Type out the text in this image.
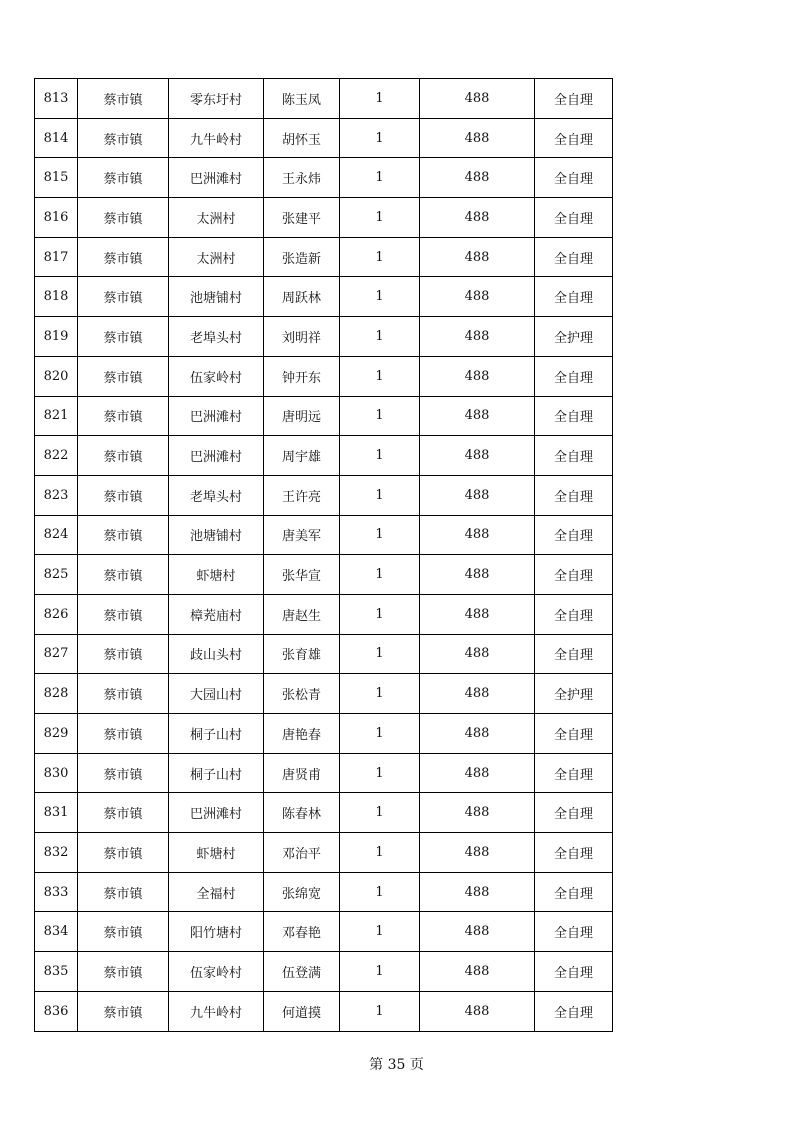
813	蔡市镇	零东圩村	陈玉凤	1	488	全自理
814	蔡市镇	九牛岭村	胡怀玉	1	488	全自理
815	蔡市镇	巴洲滩村	王永炜	1	488	全自理
816	蔡市镇	太洲村	张建平	1	488	全自理
817	蔡市镇	太洲村	张造新	1	488	全自理
818	蔡市镇	池塘铺村	周跃林	1	488	全自理
819	蔡市镇	老埠头村	刘明祥	1	488	全护理
820	蔡市镇	伍家岭村	钟开东	1	488	全自理
821	蔡市镇	巴洲滩村	唐明远	1	488	全自理
822	蔡市镇	巴洲滩村	周宇雄	1	488	全自理
823	蔡市镇	老埠头村	王许亮	1	488	全自理
824	蔡市镇	池塘铺村	唐美军	1	488	全自理
825	蔡市镇	虾塘村	张华宣	1	488	全自理
826	蔡市镇	樟茺庙村	唐赵生	1	488	全自理
827	蔡市镇	歧山头村	张育雄	1	488	全自理
828	蔡市镇	大园山村	张松青	1	488	全护理
829	蔡市镇	桐子山村	唐艳春	1	488	全自理
830	蔡市镇	桐子山村	唐贤甫	1	488	全自理
831	蔡市镇	巴洲滩村	陈春林	1	488	全自理
832	蔡市镇	虾塘村	邓治平	1	488	全自理
833	蔡市镇	全福村	张绵宽	1	488	全自理
834	蔡市镇	阳竹塘村	邓春艳	1	488	全自理
835	蔡市镇	伍家岭村	伍登满	1	488	全自理
836	蔡市镇	九牛岭村	何道摸	1	488	全自理
第 35 页
